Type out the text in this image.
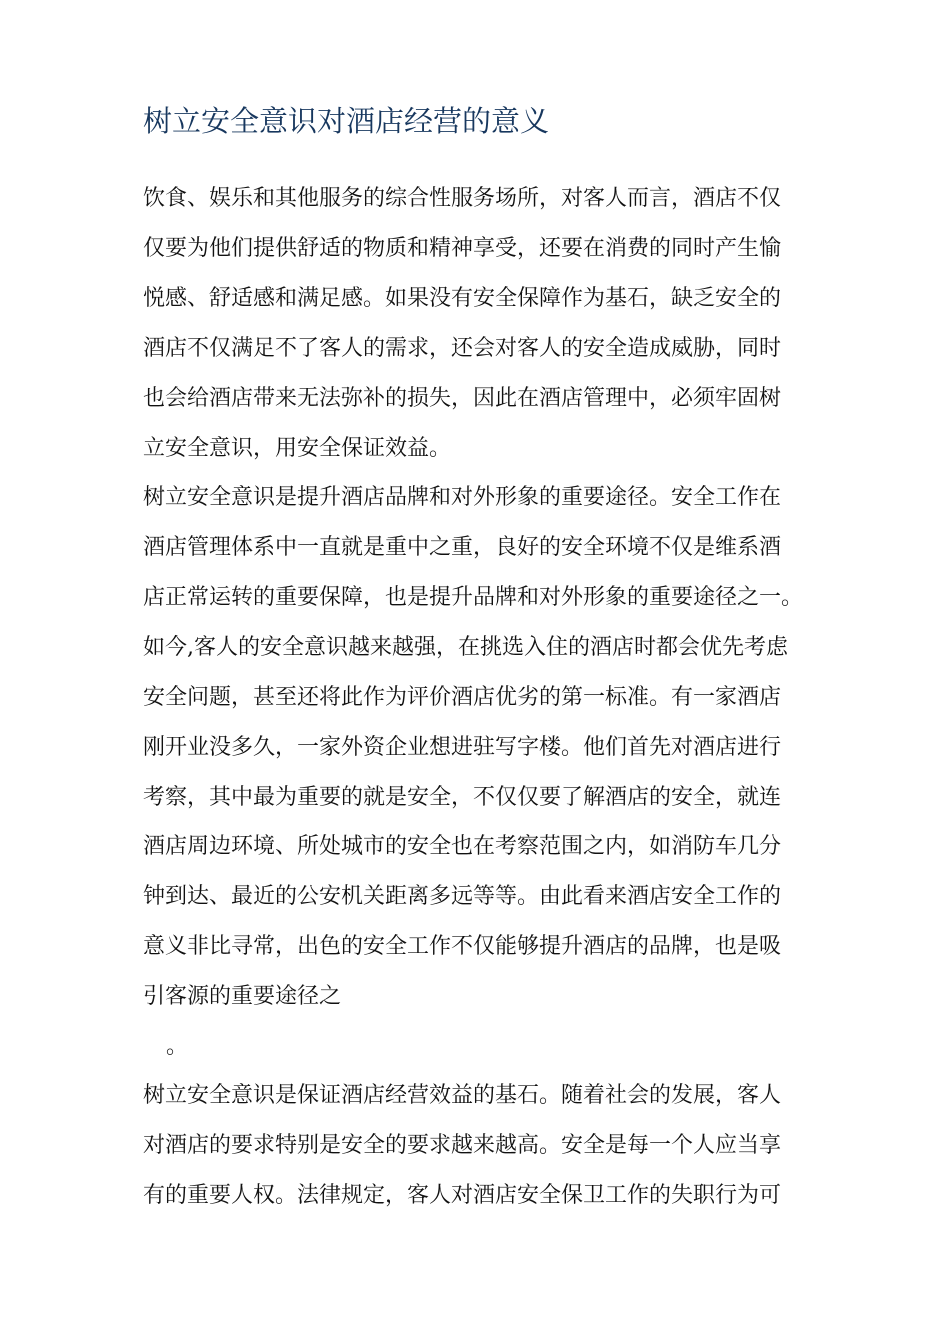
树立安全意识对酒店经营的意义
饮食、娱乐和其他服务的综合性服务场所，对客人而言，酒店不仅
仅要为他们提供舒适的物质和精神享受，还要在消费的同时产生愉
悦感、舒适感和满足感。如果没有安全保障作为基石，缺乏安全的
酒店不仅满足不了客人的需求，还会对客人的安全造成威胁，同时
也会给酒店带来无法弥补的损失，因此在酒店管理中，必须牢固树
立安全意识，用安全保证效益。
树立安全意识是提升酒店品牌和对外形象的重要途径。安全工作在
酒店管理体系中一直就是重中之重，良好的安全环境不仅是维系酒
店正常运转的重要保障，也是提升品牌和对外形象的重要途径之一。
如今,客人的安全意识越来越强，在挑选入住的酒店时都会优先考虑
安全问题，甚至还将此作为评价酒店优劣的第一标准。有一家酒店
刚开业没多久，一家外资企业想进驻写字楼。他们首先对酒店进行
考察，其中最为重要的就是安全，不仅仅要了解酒店的安全，就连
酒店周边环境、所处城市的安全也在考察范围之内，如消防车几分
钟到达、最近的公安机关距离多远等等。由此看来酒店安全工作的
意义非比寻常，出色的安全工作不仅能够提升酒店的品牌，也是吸
引客源的重要途径之
。
树立安全意识是保证酒店经营效益的基石。随着社会的发展，客人
对酒店的要求特别是安全的要求越来越高。安全是每一个人应当享
有的重要人权。法律规定，客人对酒店安全保卫工作的失职行为可
